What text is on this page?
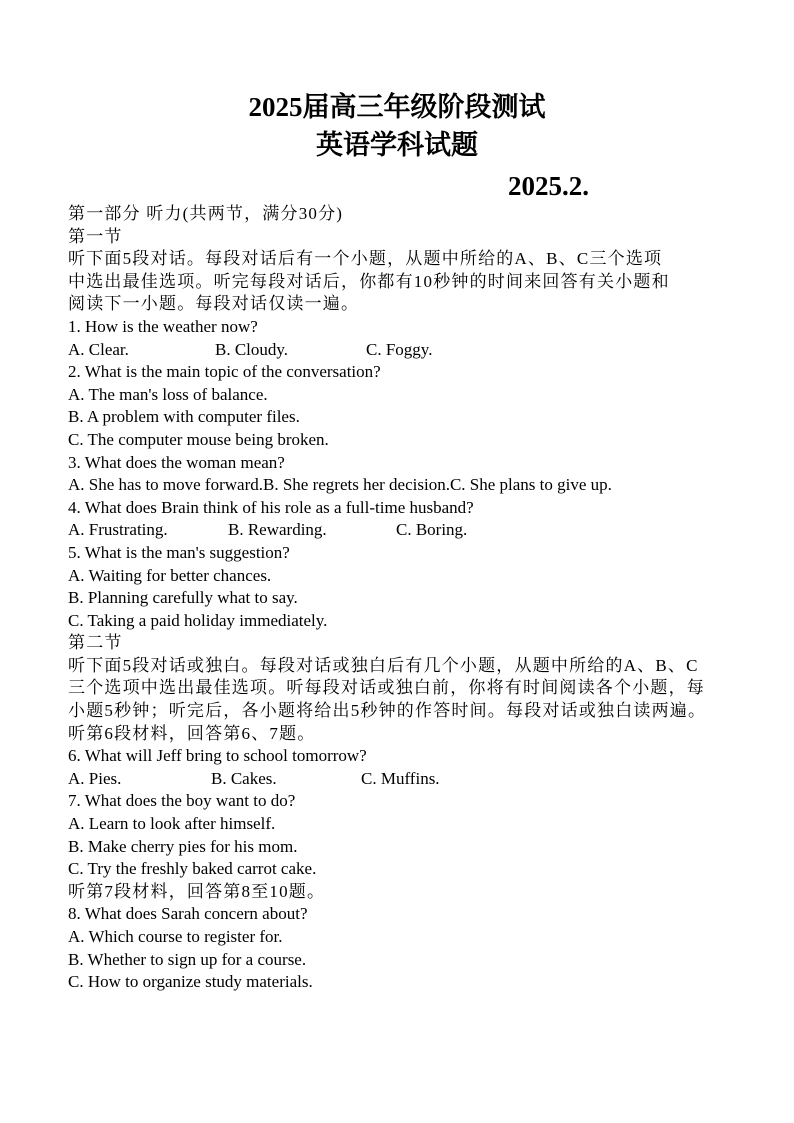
2025届高三年级阶段测试
英语学科试题
2025.2.
第一部分 听力(共两节，满分30分)
第一节
听下面5段对话。每段对话后有一个小题，从题中所给的A、B、C三个选项
中选出最佳选项。听完每段对话后，你都有10秒钟的时间来回答有关小题和
阅读下一小题。每段对话仅读一遍。
1. How is the weather now?
A. Clear.	B. Cloudy.	C. Foggy.
2. What is the main topic of the conversation?
A. The man's loss of balance.
B. A problem with computer files.
C. The computer mouse being broken.
3. What does the woman mean?
A. She has to move forward.B. She regrets her decision.C. She plans to give up.
4. What does Brain think of his role as a full-time husband?
A. Frustrating.	B. Rewarding.	C. Boring.
5. What is the man's suggestion?
A. Waiting for better chances.
B. Planning carefully what to say.
C. Taking a paid holiday immediately.
第二节
听下面5段对话或独白。每段对话或独白后有几个小题，从题中所给的A、B、C
三个选项中选出最佳选项。听每段对话或独白前，你将有时间阅读各个小题，每
小题5秒钟；听完后，各小题将给出5秒钟的作答时间。每段对话或独白读两遍。
听第6段材料，回答第6、7题。
6. What will Jeff bring to school tomorrow?
A. Pies.	B. Cakes.	C. Muffins.
7. What does the boy want to do?
A. Learn to look after himself.
B. Make cherry pies for his mom.
C. Try the freshly baked carrot cake.
听第7段材料，回答第8至10题。
8. What does Sarah concern about?
A. Which course to register for.
B. Whether to sign up for a course.
C. How to organize study materials.
